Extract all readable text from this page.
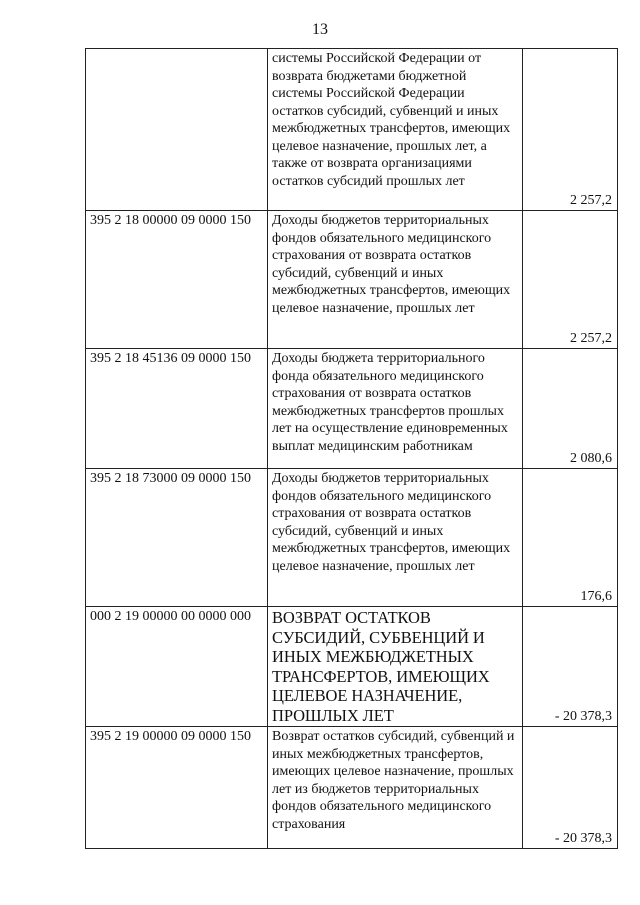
13

	системы Российской Федерации от возврата бюджетами бюджетной системы Российской Федерации остатков субсидий, субвенций и иных межбюджетных трансфертов, имеющих целевое назначение, прошлых лет, а также от возврата организациями остатков субсидий прошлых лет	2 257,2
395 2 18 00000 09 0000 150	Доходы бюджетов территориальных фондов обязательного медицинского страхования от возврата остатков субсидий, субвенций и иных межбюджетных трансфертов, имеющих целевое назначение, прошлых лет	2 257,2
395 2 18 45136 09 0000 150	Доходы бюджета территориального фонда обязательного медицинского страхования от возврата остатков межбюджетных трансфертов прошлых лет на осуществление единовременных выплат медицинским работникам	2 080,6
395 2 18 73000 09 0000 150	Доходы бюджетов территориальных фондов обязательного медицинского страхования от возврата остатков субсидий, субвенций и иных межбюджетных трансфертов, имеющих целевое назначение, прошлых лет	176,6
000 2 19 00000 00 0000 000	ВОЗВРАТ ОСТАТКОВ СУБСИДИЙ, СУБВЕНЦИЙ И ИНЫХ МЕЖБЮДЖЕТНЫХ ТРАНСФЕРТОВ, ИМЕЮЩИХ ЦЕЛЕВОЕ НАЗНАЧЕНИЕ, ПРОШЛЫХ ЛЕТ	- 20 378,3
395 2 19 00000 09 0000 150	Возврат остатков субсидий, субвенций и иных межбюджетных трансфертов, имеющих целевое назначение, прошлых лет из бюджетов территориальных фондов обязательного медицинского страхования	- 20 378,3
